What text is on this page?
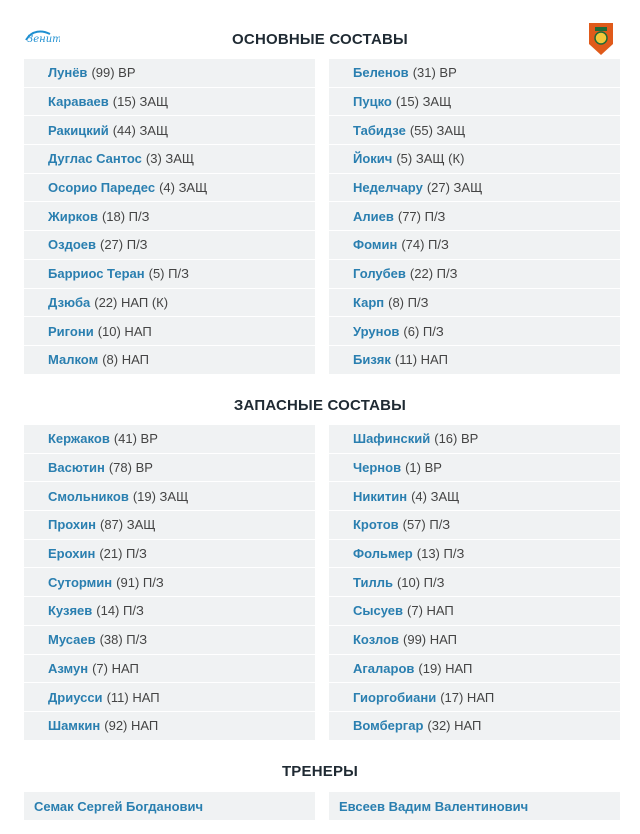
Зенит	ОСНОВНЫЕ СОСТАВЫ
Лунёв (99) ВР
Караваев (15) ЗАЩ
Ракицкий (44) ЗАЩ
Дуглас Сантос (3) ЗАЩ
Осорио Паредес (4) ЗАЩ
Жирков (18) П/З
Оздоев (27) П/З
Барриос Теран (5) П/З
Дзюба (22) НАП (К)
Ригони (10) НАП
Малком (8) НАП
Беленов (31) ВР
Пуцко (15) ЗАЩ
Табидзе (55) ЗАЩ
Йокич (5) ЗАЩ (К)
Неделчару (27) ЗАЩ
Алиев (77) П/З
Фомин (74) П/З
Голубев (22) П/З
Карп (8) П/З
Урунов (6) П/З
Бизяк (11) НАП
ЗАПАСНЫЕ СОСТАВЫ
Кержаков (41) ВР
Васютин (78) ВР
Смольников (19) ЗАЩ
Прохин (87) ЗАЩ
Ерохин (21) П/З
Сутормин (91) П/З
Кузяев (14) П/З
Мусаев (38) П/З
Азмун (7) НАП
Дриусси (11) НАП
Шамкин (92) НАП
Шафинский (16) ВР
Чернов (1) ВР
Никитин (4) ЗАЩ
Кротов (57) П/З
Фольмер (13) П/З
Тилль (10) П/З
Сысуев (7) НАП
Козлов (99) НАП
Агаларов (19) НАП
Гиоргобиани (17) НАП
Вомбергар (32) НАП
ТРЕНЕРЫ
Семак Сергей Богданович	Евсеев Вадим Валентинович
